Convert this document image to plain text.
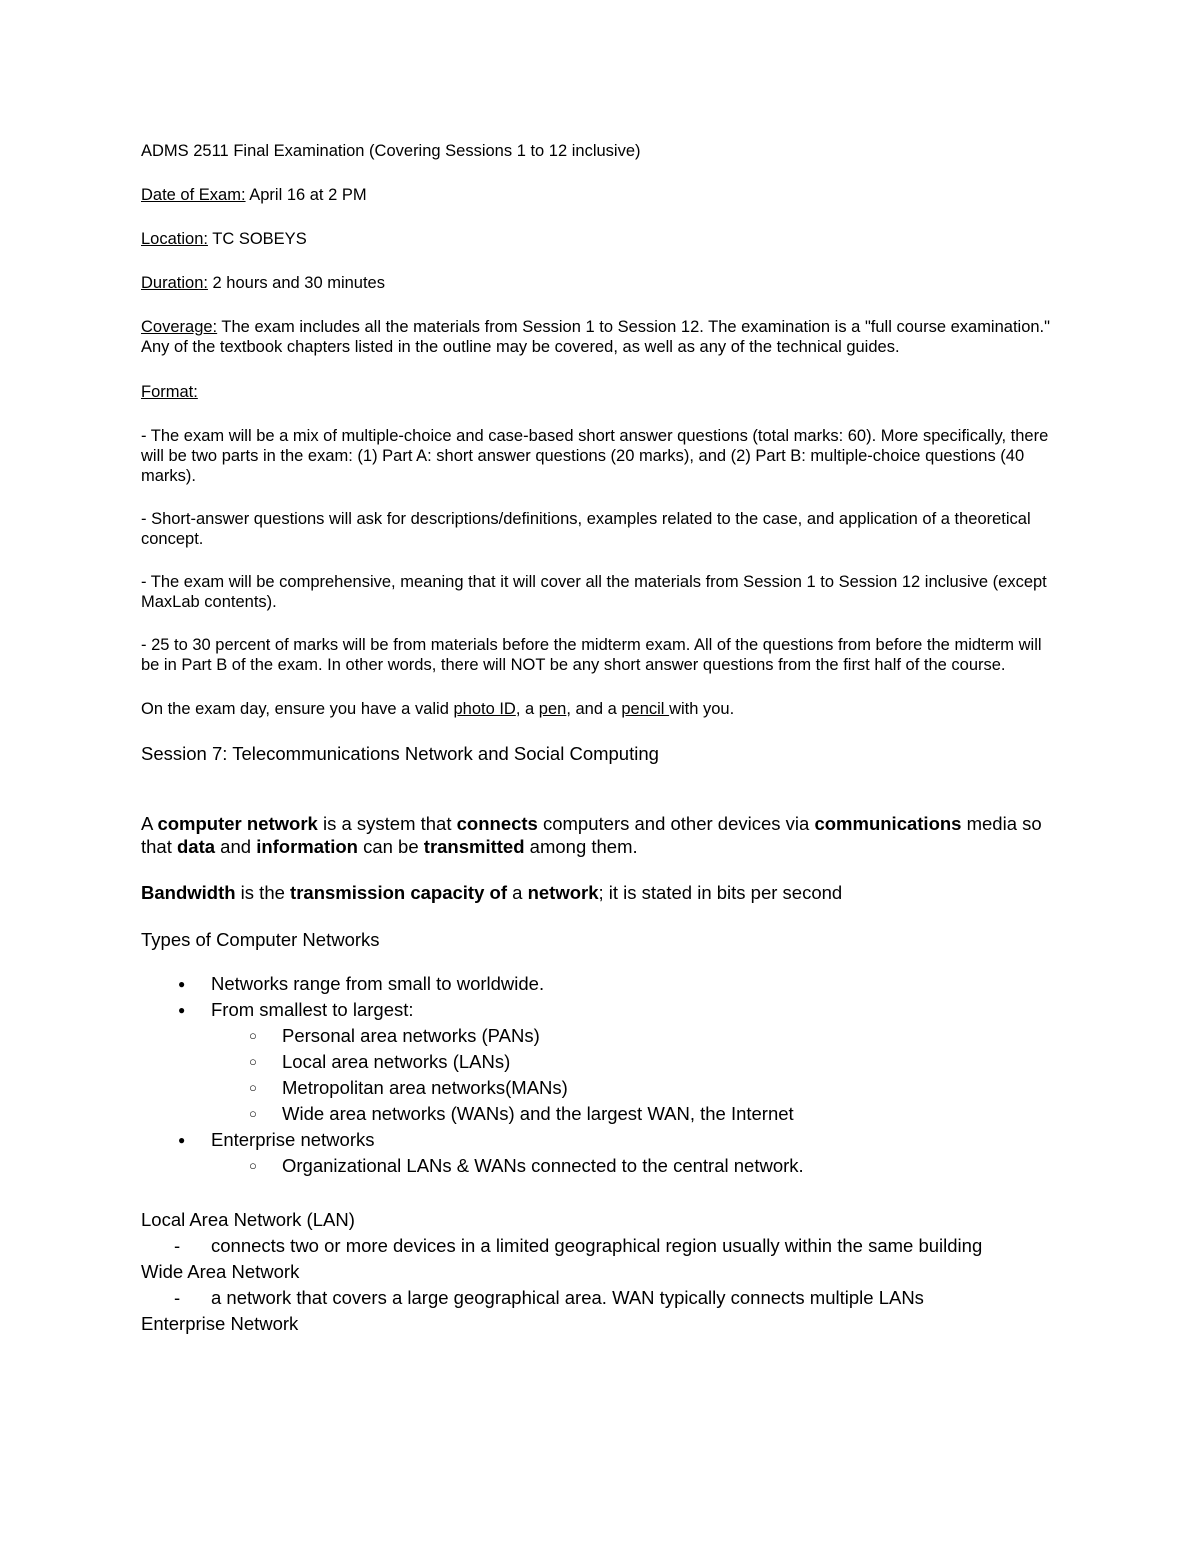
ADMS 2511 Final Examination (Covering Sessions 1 to 12 inclusive)

Date of Exam: April 16 at 2 PM

Location: TC SOBEYS

Duration: 2 hours and 30 minutes

Coverage: The exam includes all the materials from Session 1 to Session 12. The examination is a "full course examination." Any of the textbook chapters listed in the outline may be covered, as well as any of the technical guides.

Format:

- The exam will be a mix of multiple-choice and case-based short answer questions (total marks: 60). More specifically, there will be two parts in the exam: (1) Part A: short answer questions (20 marks), and (2) Part B: multiple-choice questions (40 marks).

- Short-answer questions will ask for descriptions/definitions, examples related to the case, and application of a theoretical concept.

- The exam will be comprehensive, meaning that it will cover all the materials from Session 1 to Session 12 inclusive (except MaxLab contents).

- 25 to 30 percent of marks will be from materials before the midterm exam. All of the questions from before the midterm will be in Part B of the exam. In other words, there will NOT be any short answer questions from the first half of the course.

On the exam day, ensure you have a valid photo ID, a pen, and a pencil with you.

Session 7: Telecommunications Network and Social Computing

A computer network is a system that connects computers and other devices via communications media so that data and information can be transmitted among them.

Bandwidth is the transmission capacity of a network; it is stated in bits per second

Types of Computer Networks

● Networks range from small to worldwide.
● From smallest to largest:
○ Personal area networks (PANs)
○ Local area networks (LANs)
○ Metropolitan area networks(MANs)
○ Wide area networks (WANs) and the largest WAN, the Internet
● Enterprise networks
○ Organizational LANs & WANs connected to the central network.

Local Area Network (LAN)

- connects two or more devices in a limited geographical region usually within the same building

Wide Area Network

- a network that covers a large geographical area. WAN typically connects multiple LANs

Enterprise Network
